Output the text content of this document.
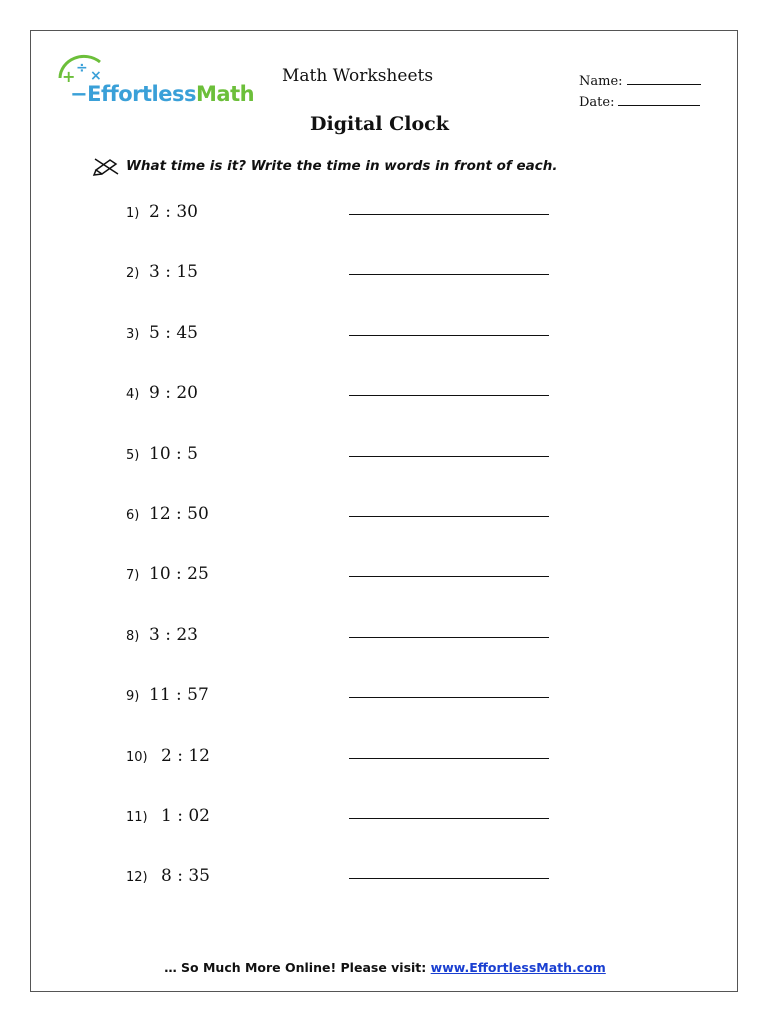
+ ÷ ×
−EffortlessMath
Math Worksheets	Name:
Date:
Digital Clock
What time is it? Write the time in words in front of each.
1) 2 : 30
2) 3 : 15
3) 5 : 45
4) 9 : 20
5) 10 : 5
6) 12 : 50
7) 10 : 25
8) 3 : 23
9) 11 : 57
10) 2 : 12
11) 1 : 02
12) 8 : 35
… So Much More Online! Please visit: www.EffortlessMath.com
